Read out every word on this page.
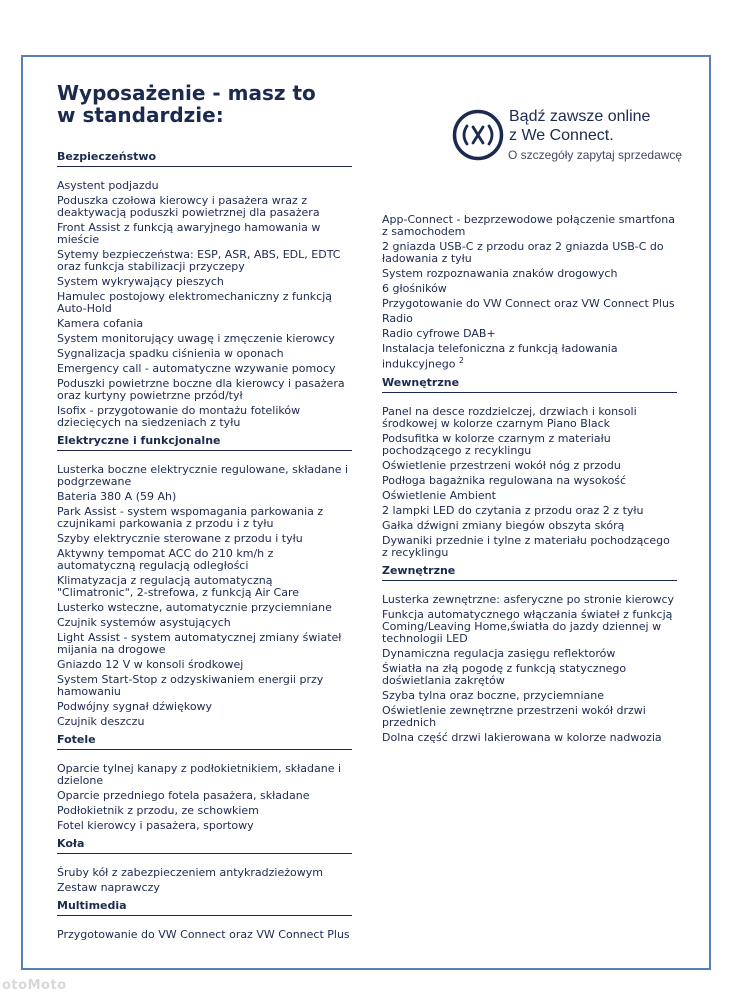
Wyposażenie - masz to
w standardzie:	Bądź zawsze online
z We Connect.
O szczegóły zapytaj sprzedawcę
Bezpieczeństwo
Asystent podjazdu
Poduszka czołowa kierowcy i pasażera wraz z deaktywacją poduszki powietrznej dla pasażera
Front Assist z funkcją awaryjnego hamowania w mieście
Sytemy bezpieczeństwa: ESP, ASR, ABS, EDL, EDTC oraz funkcja stabilizacji przyczepy
System wykrywający pieszych
Hamulec postojowy elektromechaniczny z funkcją Auto-Hold
Kamera cofania
System monitorujący uwagę i zmęczenie kierowcy
Sygnalizacja spadku ciśnienia w oponach
Emergency call - automatyczne wzywanie pomocy
Poduszki powietrzne boczne dla kierowcy i pasażera oraz kurtyny powietrzne przód/tył
Isofix - przygotowanie do montażu fotelików dziecięcych na siedzeniach z tyłu
Elektryczne i funkcjonalne
Lusterka boczne elektrycznie regulowane, składane i podgrzewane
Bateria 380 A (59 Ah)
Park Assist - system wspomagania parkowania z czujnikami parkowania z przodu i z tyłu
Szyby elektrycznie sterowane z przodu i tyłu
Aktywny tempomat ACC do 210 km/h z automatyczną regulacją odległości
Klimatyzacja z regulacją automatyczną "Climatronic", 2-strefowa, z funkcją Air Care
Lusterko wsteczne, automatycznie przyciemniane
Czujnik systemów asystujących
Light Assist - system automatycznej zmiany świateł mijania na drogowe
Gniazdo 12 V w konsoli środkowej
System Start-Stop z odzyskiwaniem energii przy hamowaniu
Podwójny sygnał dźwiękowy
Czujnik deszczu
Fotele
Oparcie tylnej kanapy z podłokietnikiem, składane i dzielone
Oparcie przedniego fotela pasażera, składane
Podłokietnik z przodu, ze schowkiem
Fotel kierowcy i pasażera, sportowy
Koła
Śruby kół z zabezpieczeniem antykradzieżowym
Zestaw naprawczy
Multimedia
Przygotowanie do VW Connect oraz VW Connect Plus
App-Connect - bezprzewodowe połączenie smartfona z samochodem
2 gniazda USB-C z przodu oraz 2 gniazda USB-C do ładowania z tyłu
System rozpoznawania znaków drogowych
6 głośników
Przygotowanie do VW Connect oraz VW Connect Plus
Radio
Radio cyfrowe DAB+
Instalacja telefoniczna z funkcją ładowania indukcyjnego $^2$
Wewnętrzne
Panel na desce rozdzielczej, drzwiach i konsoli środkowej w kolorze czarnym Piano Black
Podsufitka w kolorze czarnym z materiału pochodzącego z recyklingu
Oświetlenie przestrzeni wokół nóg z przodu
Podłoga bagażnika regulowana na wysokość
Oświetlenie Ambient
2 lampki LED do czytania z przodu oraz 2 z tyłu
Gałka dźwigni zmiany biegów obszyta skórą
Dywaniki przednie i tylne z materiału pochodzącego z recyklingu
Zewnętrzne
Lusterka zewnętrzne: asferyczne po stronie kierowcy
Funkcja automatycznego włączania świateł z funkcją Coming/Leaving Home,światła do jazdy dziennej w technologii LED
Dynamiczna regulacja zasięgu reflektorów
Światła na złą pogodę z funkcją statycznego doświetlania zakrętów
Szyba tylna oraz boczne, przyciemniane
Oświetlenie zewnętrzne przestrzeni wokół drzwi przednich
Dolna część drzwi lakierowana w kolorze nadwozia
otoMoto
